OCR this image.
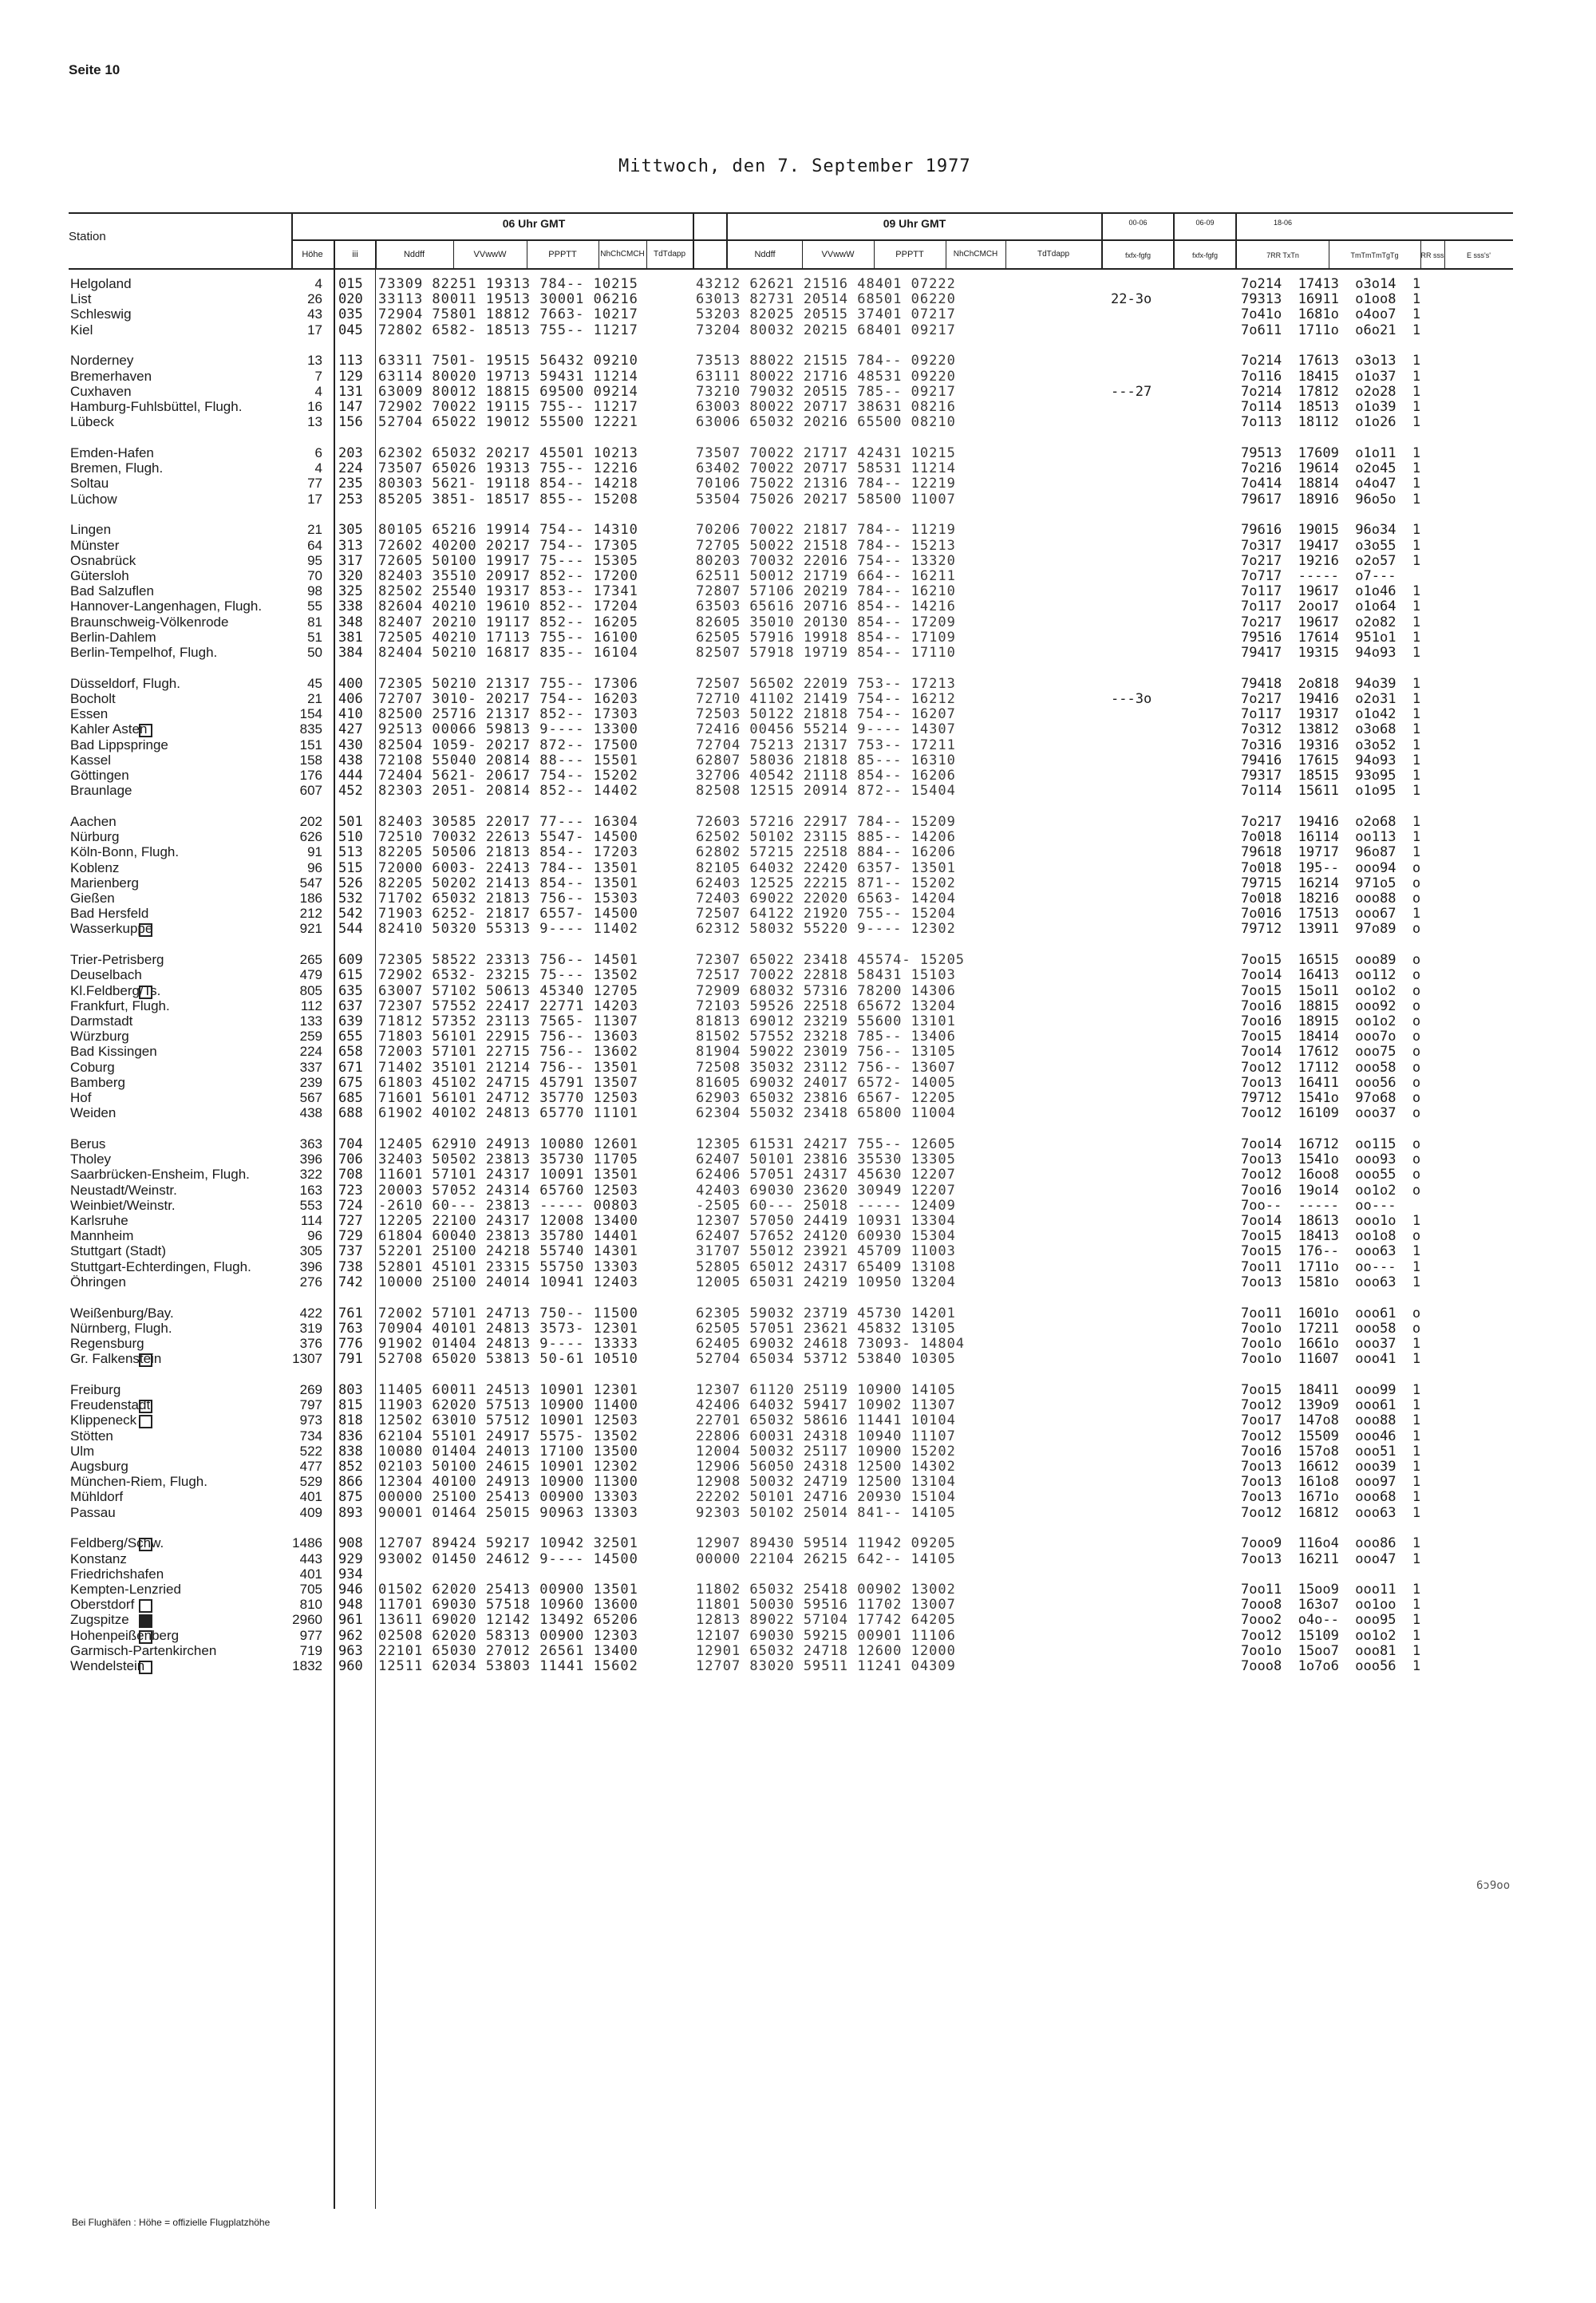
Seite 10
Mittwoch, den 7. September 1977
Station
Höhe	iii
06 Uhr GMT	09 Uhr GMT
Nddff	VVwwW	PPPTT	NhChCMCH	TdTdapp	Nddff	VVwwW	PPPTT	NhChCMCH	TdTdapp
00-06	06-09	18-06
fxfx-fgfg	fxfx-fgfg	7RR TxTn	TmTmTmTgTg	RR sss	E sss's'
Helgoland	4 015 73309 82251 19313 784-- 10215	43212 62621 21516 48401 07222	7o214  17413  o3o14  1
List	26 020 33113 80011 19513 30001 06216	63013 82731 20514 68501 06220	22-3o	79313  16911  o1oo8  1
Schleswig	43 035 72904 75801 18812 7663- 10217	53203 82025 20515 37401 07217	7o41o  1681o  o4oo7  1
Kiel	17 045 72802 6582- 18513 755-- 11217	73204 80032 20215 68401 09217	7o611  1711o  o6o21  1
Norderney	13 113 63311 7501- 19515 56432 09210	73513 88022 21515 784-- 09220	7o214  17613  o3o13  1
Bremerhaven	7 129 63114 80020 19713 59431 11214	63111 80022 21716 48531 09220	7o116  18415  o1o37  1
Cuxhaven	4 131 63009 80012 18815 69500 09214	73210 79032 20515 785-- 09217	---27	7o214  17812  o2o28  1
Hamburg-Fuhlsbüttel, Flugh.	16 147 72902 70022 19115 755-- 11217	63003 80022 20717 38631 08216	7o114  18513  o1o39  1
Lübeck	13 156 52704 65022 19012 55500 12221	63006 65032 20216 65500 08210	7o113  18112  o1o26  1
Emden-Hafen	6 203 62302 65032 20217 45501 10213	73507 70022 21717 42431 10215	79513  17609  o1o11  1
Bremen, Flugh.	4 224 73507 65026 19313 755-- 12216	63402 70022 20717 58531 11214	7o216  19614  o2o45  1
Soltau	77 235 80303 5621- 19118 854-- 14218	70106 75022 21316 784-- 12219	7o414  18814  o4o47  1
Lüchow	17 253 85205 3851- 18517 855-- 15208	53504 75026 20217 58500 11007	79617  18916  96o5o  1
Lingen	21 305 80105 65216 19914 754-- 14310	70206 70022 21817 784-- 11219	79616  19015  96o34  1
Münster	64 313 72602 40200 20217 754-- 17305	72705 50022 21518 784-- 15213	7o317  19417  o3o55  1
Osnabrück	95 317 72605 50100 19917 75--- 15305	80203 70032 22016 754-- 13320	7o217  19216  o2o57  1
Gütersloh	70 320 82403 35510 20917 852-- 17200	62511 50012 21719 664-- 16211	7o717  -----  o7---
Bad Salzuflen	98 325 82502 25540 19317 853-- 17341	72807 57106 20219 784-- 16210	7o117  19617  o1o46  1
Hannover-Langenhagen, Flugh.	55 338 82604 40210 19610 852-- 17204	63503 65616 20716 854-- 14216	7o117  2oo17  o1o64  1
Braunschweig-Völkenrode	81 348 82407 20210 19117 852-- 16205	82605 35010 20130 854-- 17209	7o217  19617  o2o82  1
Berlin-Dahlem	51 381 72505 40210 17113 755-- 16100	62505 57916 19918 854-- 17109	79516  17614  951o1  1
Berlin-Tempelhof, Flugh.	50 384 82404 50210 16817 835-- 16104	82507 57918 19719 854-- 17110	79417  19315  94o93  1
Düsseldorf, Flugh.	45 400 72305 50210 21317 755-- 17306	72507 56502 22019 753-- 17213	79418  2o818  94o39  1
Bocholt	21 406 72707 3010- 20217 754-- 16203	72710 41102 21419 754-- 16212	---3o	7o217  19416  o2o31  1
Essen	154 410 82500 25716 21317 852-- 17303	72503 50122 21818 754-- 16207	7o117  19317  o1o42  1
Kahler Asten	835 427 92513 00066 59813 9---- 13300	72416 00456 55214 9---- 14307	7o312  13812  o3o68  1
Bad Lippspringe	151 430 82504 1059- 20217 872-- 17500	72704 75213 21317 753-- 17211	7o316  19316  o3o52  1
Kassel	158 438 72108 55040 20814 88--- 15501	62807 58036 21818 85--- 16310	79416  17615  94o93  1
Göttingen	176 444 72404 5621- 20617 754-- 15202	32706 40542 21118 854-- 16206	79317  18515  93o95  1
Braunlage	607 452 82303 2051- 20814 852-- 14402	82508 12515 20914 872-- 15404	7o114  15611  o1o95  1
Aachen	202 501 82403 30585 22017 77--- 16304	72603 57216 22917 784-- 15209	7o217  19416  o2o68  1
Nürburg	626 510 72510 70032 22613 5547- 14500	62502 50102 23115 885-- 14206	7o018  16114  oo113  1
Köln-Bonn, Flugh.	91 513 82205 50506 21813 854-- 17203	62802 57215 22518 884-- 16206	79618  19717  96o87  1
Koblenz	96 515 72000 6003- 22413 784-- 13501	82105 64032 22420 6357- 13501	7o018  195--  ooo94  o
Marienberg	547 526 82205 50202 21413 854-- 13501	62403 12525 22215 871-- 15202	79715  16214  971o5  o
Gießen	186 532 71702 65032 21813 756-- 15303	72403 69022 22020 6563- 14204	7o018  18216  ooo88  o
Bad Hersfeld	212 542 71903 6252- 21817 6557- 14500	72507 64122 21920 755-- 15204	7o016  17513  ooo67  1
Wasserkuppe	921 544 82410 50320 55313 9---- 11402	62312 58032 55220 9---- 12302	79712  13911  97o89  o
Trier-Petrisberg	265 609 72305 58522 23313 756-- 14501	72307 65022 23418 45574- 15205	7oo15  16515  ooo89  o
Deuselbach	479 615 72902 6532- 23215 75--- 13502	72517 70022 22818 58431 15103	7oo14  16413  oo112  o
Kl.Feldberg/Ts.	805 635 63007 57102 50613 45340 12705	72909 68032 57316 78200 14306	7oo15  15o11  oo1o2  o
Frankfurt, Flugh.	112 637 72307 57552 22417 22771 14203	72103 59526 22518 65672 13204	7oo16  18815  ooo92  o
Darmstadt	133 639 71812 57352 23113 7565- 11307	81813 69012 23219 55600 13101	7oo16  18915  oo1o2  o
Würzburg	259 655 71803 56101 22915 756-- 13603	81502 57552 23218 785-- 13406	7oo15  18414  ooo7o  o
Bad Kissingen	224 658 72003 57101 22715 756-- 13602	81904 59022 23019 756-- 13105	7oo14  17612  ooo75  o
Coburg	337 671 71402 35101 21214 756-- 13501	72508 35032 23112 756-- 13607	7oo12  17112  ooo58  o
Bamberg	239 675 61803 45102 24715 45791 13507	81605 69032 24017 6572- 14005	7oo13  16411  ooo56  o
Hof	567 685 71601 56101 24712 35770 12503	62903 65032 23816 6567- 12205	79712  1541o  97o68  o
Weiden	438 688 61902 40102 24813 65770 11101	62304 55032 23418 65800 11004	7oo12  16109  ooo37  o
Berus	363 704 12405 62910 24913 10080 12601	12305 61531 24217 755-- 12605	7oo14  16712  oo115  o
Tholey	396 706 32403 50502 23813 35730 11705	62407 50101 23816 35530 13305	7oo13  1541o  ooo93  o
Saarbrücken-Ensheim, Flugh.	322 708 11601 57101 24317 10091 13501	62406 57051 24317 45630 12207	7oo12  16oo8  ooo55  o
Neustadt/Weinstr.	163 723 20003 57052 24314 65760 12503	42403 69030 23620 30949 12207	7oo16  19o14  oo1o2  o
Weinbiet/Weinstr.	553 724 -2610 60--- 23813 ----- 00803	-2505 60--- 25018 ----- 12409	7oo--  -----  oo---
Karlsruhe	114 727 12205 22100 24317 12008 13400	12307 57050 24419 10931 13304	7oo14  18613  ooo1o  1
Mannheim	96 729 61804 60040 23813 35780 14401	62407 57652 24120 60930 15304	7oo15  18413  oo1o8  o
Stuttgart (Stadt)	305 737 52201 25100 24218 55740 14301	31707 55012 23921 45709 11003	7oo15  176--  ooo63  1
Stuttgart-Echterdingen, Flugh.	396 738 52801 45101 23315 55750 13303	52805 65012 24317 65409 13108	7oo11  1711o  oo---  1
Öhringen	276 742 10000 25100 24014 10941 12403	12005 65031 24219 10950 13204	7oo13  1581o  ooo63  1
Weißenburg/Bay.	422 761 72002 57101 24713 750-- 11500	62305 59032 23719 45730 14201	7oo11  1601o  ooo61  o
Nürnberg, Flugh.	319 763 70904 40101 24813 3573- 12301	62505 57051 23621 45832 13105	7oo1o  17211  ooo58  o
Regensburg	376 776 91902 01404 24813 9---- 13333	62405 69032 24618 73093- 14804	7oo1o  1661o  ooo37  1
Gr. Falkenstein	1307 791 52708 65020 53813 50-61 10510	52704 65034 53712 53840 10305	7oo1o  11607  ooo41  1
Freiburg	269 803 11405 60011 24513 10901 12301	12307 61120 25119 10900 14105	7oo15  18411  ooo99  1
Freudenstadt	797 815 11903 62020 57513 10900 11400	42406 64032 59417 10902 11307	7oo12  139o9  ooo61  1
Klippeneck	973 818 12502 63010 57512 10901 12503	22701 65032 58616 11441 10104	7oo17  147o8  ooo88  1
Stötten	734 836 62104 55101 24917 5575- 13502	22806 60031 24318 10940 11107	7oo12  15509  ooo46  1
Ulm	522 838 10080 01404 24013 17100 13500	12004 50032 25117 10900 15202	7oo16  157o8  ooo51  1
Augsburg	477 852 02103 50100 24615 10901 12302	12906 56050 24318 12500 14302	7oo13  16612  ooo39  1
München-Riem, Flugh.	529 866 12304 40100 24913 10900 11300	12908 50032 24719 12500 13104	7oo13  161o8  ooo97  1
Mühldorf	401 875 00000 25100 25413 00900 13303	22202 50101 24716 20930 15104	7oo13  1671o  ooo68  1
Passau	409 893 90001 01464 25015 90963 13303	92303 50102 25014 841-- 14105	7oo12  16812  ooo63  1
Feldberg/Schw.	1486 908 12707 89424 59217 10942 32501	12907 89430 59514 11942 09205	7ooo9  116o4  ooo86  1
Konstanz	443 929 93002 01450 24612 9---- 14500	00000 22104 26215 642-- 14105	7oo13  16211  ooo47  1
Friedrichshafen	401 934
Kempten-Lenzried	705 946 01502 62020 25413 00900 13501	11802 65032 25418 00902 13002	7oo11  15oo9  ooo11  1
Oberstdorf	810 948 11701 69030 57518 10960 13600	11801 50030 59516 11702 13007	7ooo8  163o7  oo1oo  1
Zugspitze	2960 961 13611 69020 12142 13492 65206	12813 89022 57104 17742 64205	7ooo2  o4o--  ooo95  1
Hohenpeißenberg	977 962 02508 62020 58313 00900 12303	12107 69030 59215 00901 11106	7oo12  15109  oo1o2  1
Garmisch-Partenkirchen	719 963 22101 65030 27012 26561 13400	12901 65032 24718 12600 12000	7oo1o  15oo7  ooo81  1
Wendelstein	1832 960 12511 62034 53803 11441 15602	12707 83020 59511 11241 04309	7ooo8  1o7o6  ooo56  1
6ɔ9oo
Bei Flughäfen : Höhe = offizielle Flugplatzhöhe
